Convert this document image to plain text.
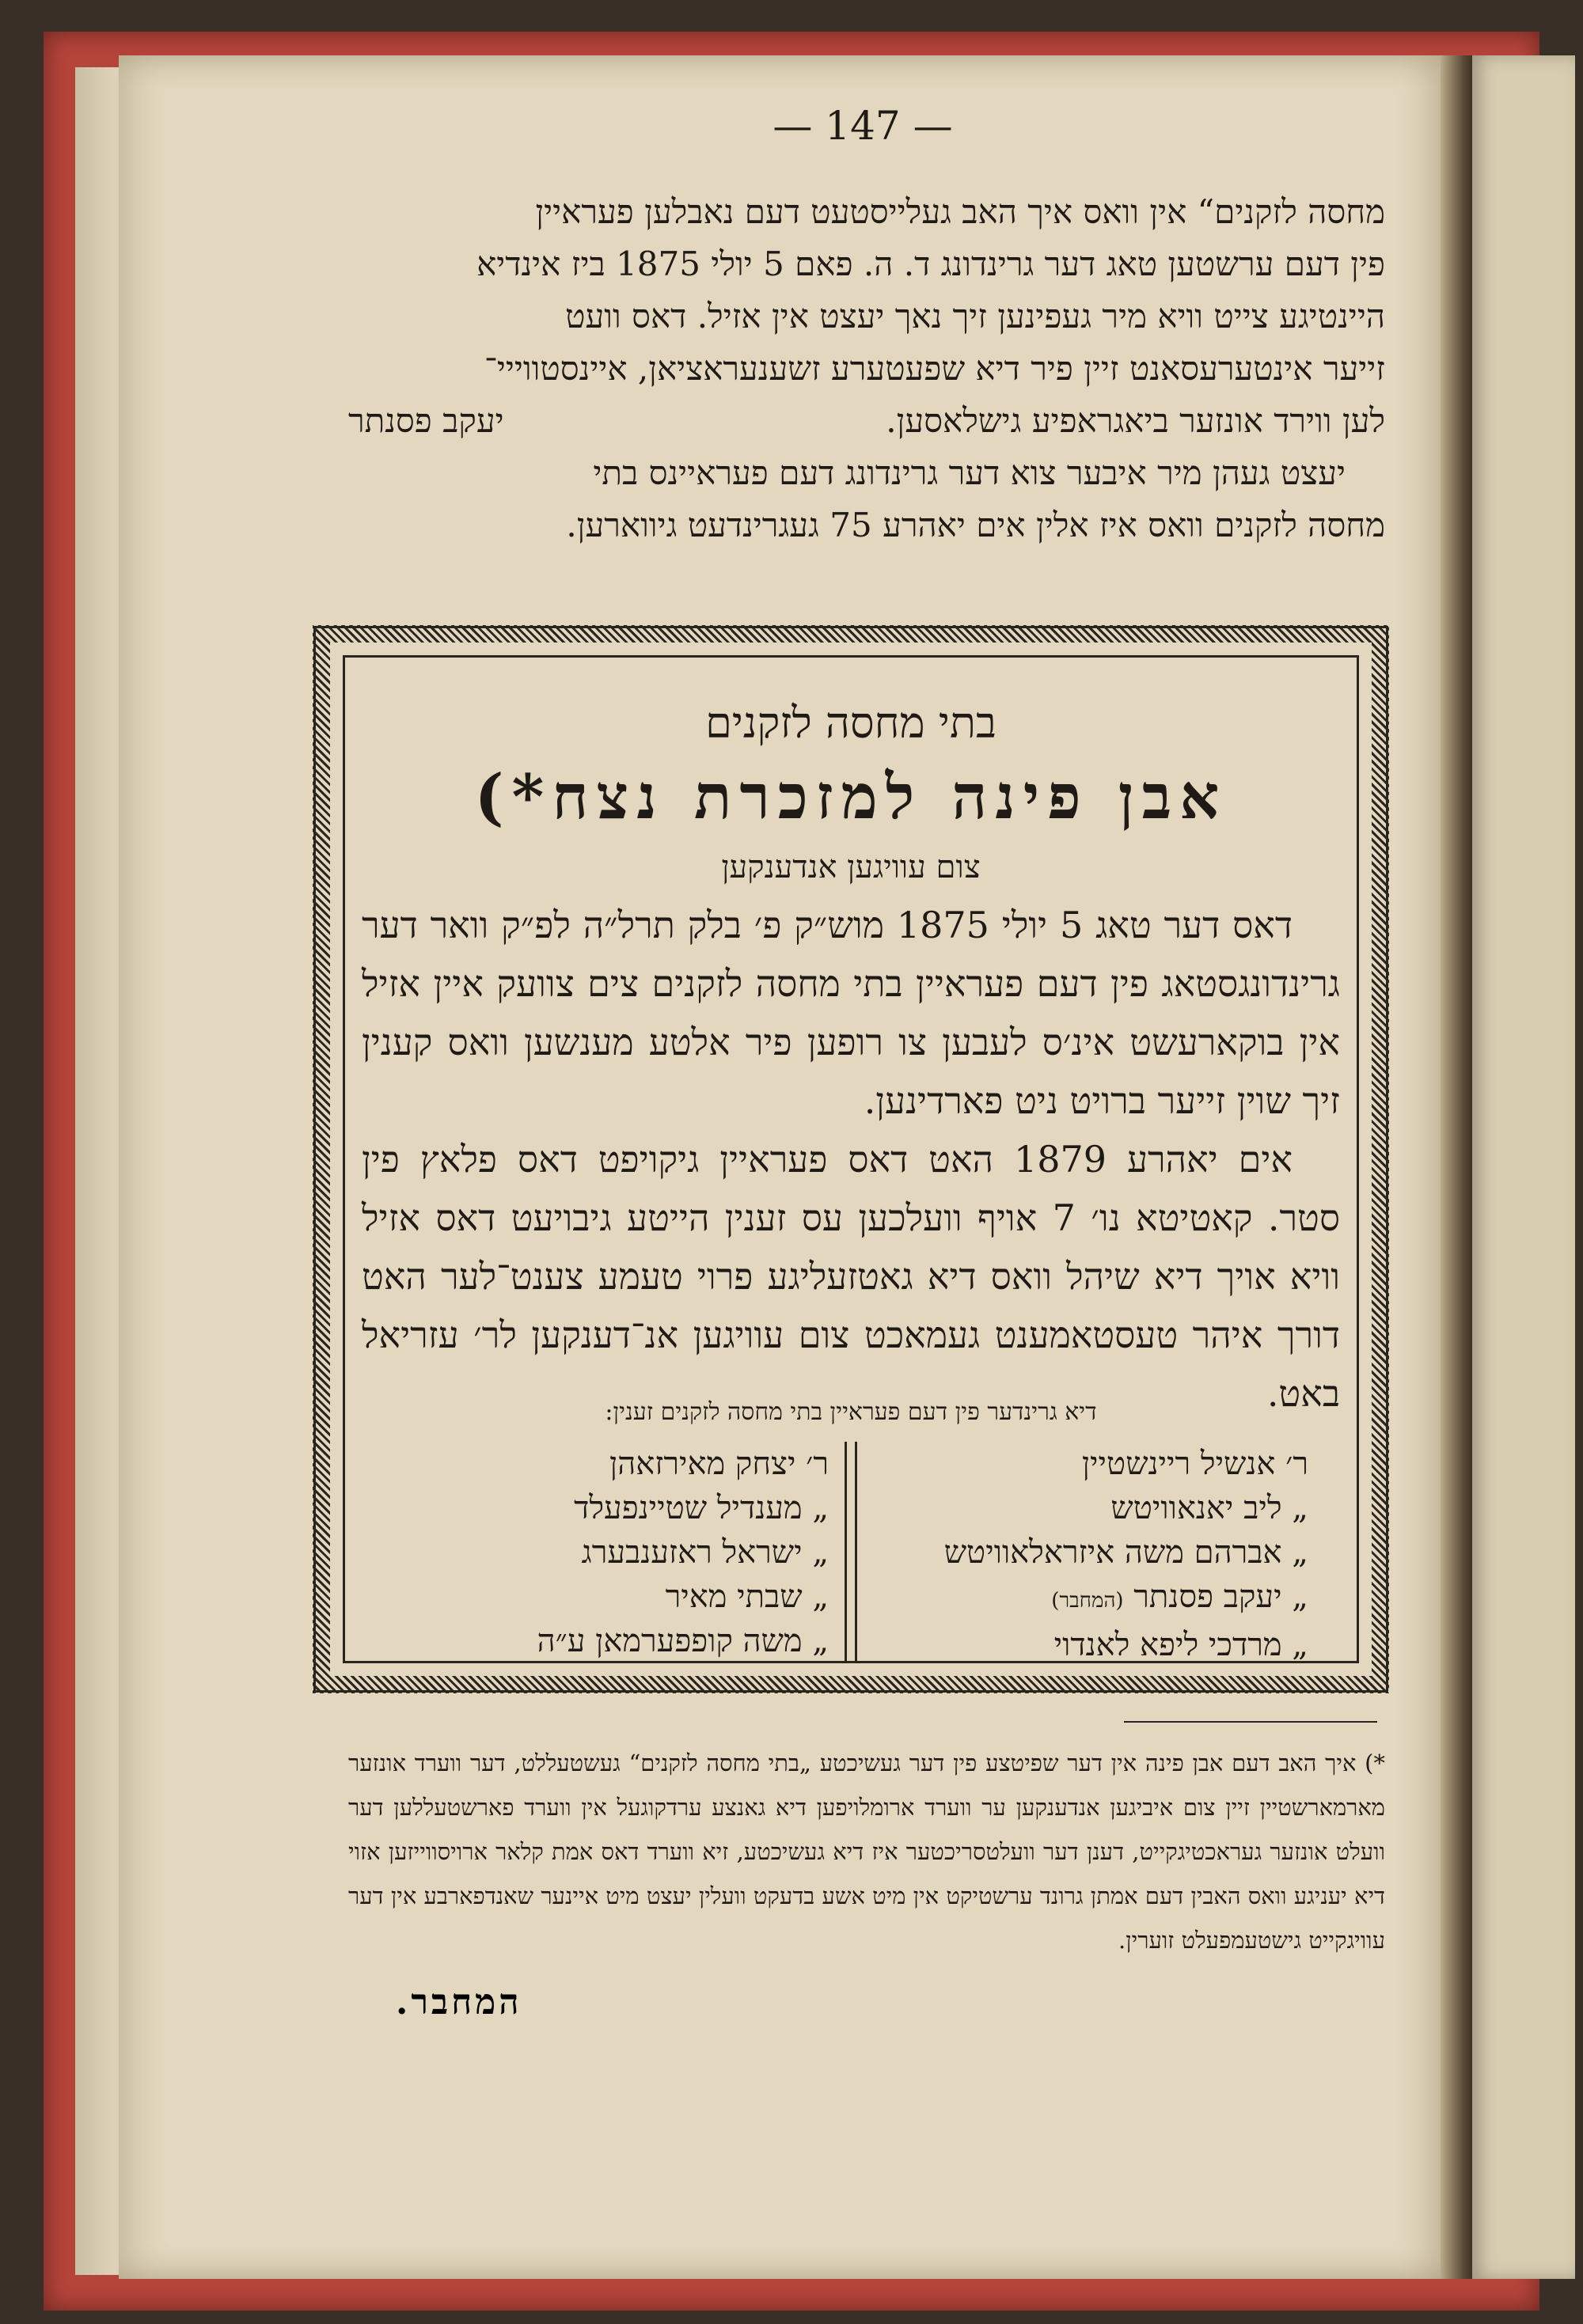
— 147 —

מחסה לזקנים“ אין וואס איך האב געלייסטעט דעם נאבלען פעראיין
פין דעם ערשטען טאג דער גרינדונג ד. ה. פאם 5 יולי 1875 ביז אינדיא
היינטיגע צייט וויא מיר געפינען זיך נאך יעצט אין אזיל. דאס וועט
זייער אינטערעסאנט זיין פיר דיא שפעטערע זשענעראציאן, איינסטווייי־
לען ווירד אונזער ביאגראפיע גישלאסען.

יעקב פסנתר

יעצט געהן מיר איבער צוא דער גרינדונג דעם פעראיינס בתי
מחסה לזקנים וואס איז אלין אים יאהרע 75 געגרינדעט גיווארען.

בתי מחסה לזקנים
אבן פינה למזכרת נצח*)
צום עוויגען אנדענקען

דאס דער טאג 5 יולי 1875 מוש״ק פ׳ בלק תרל״ה לפ״ק וואר דער גרינדונגסטאג פין דעם פעראיין בתי מחסה לזקנים צים צוועק איין אזיל אין בוקארעשט אינ׳ס לעבען צו רופען פיר אלטע מענשען וואס קענין זיך שוין זייער ברויט ניט פארדינען.

אים יאהרע 1879 האט דאס פעראיין גיקויפט דאס פלאץ פין סטר. קאטיטא נו׳ 7 אויף וועלכען עס זענין הייטע גיבויעט דאס אזיל וויא אויך דיא שיהל וואס דיא גאטזעליגע פרוי טעמע צענט־לער האט דורך איהר טעסטאמענט געמאכט צום עוויגען אנ־דענקען לר׳ עזריאל באט.

דיא גרינדער פין דעם פעראיין בתי מחסה לזקנים זענין:
ר׳ אנשיל ריינשטיין
„ ליב יאנאוויטש
„ אברהם משה איזראלאוויטש
„ יעקב פסנתר (המחבר)
„ מרדכי ליפא לאנדוי
ר׳ יצחק מאירזאהן
„ מענדיל שטיינפעלד
„ ישראל ראזענבערג
„ שבתי מאיר
„ משה קופפערמאן ע״ה
*) איך האב דעם אבן פינה אין דער שפיטצע פין דער געשיכטע „בתי מחסה לזקנים“ געשטעללט, דער ווערד אונזער מארמארשטיין זיין צום איביגען אנדענקען ער ווערד ארומלויפען דיא גאנצע ערדקוגעל אין ווערד פארשטעללען דער וועלט אונזער געראכטיגקייט, דענן דער וועלטסריכטער איז דיא געשיכטע, זיא ווערד דאס אמת קלאר ארויסווייזען אזוי דיא יעניגע וואס האבין דעם אמתן גרונד ערשטיקט אין מיט אשע בדעקט וועלין יעצט מיט איינער שאנדפארבע אין דער עוויגקייט גישטעמפעלט זוערין.
המחבר.
